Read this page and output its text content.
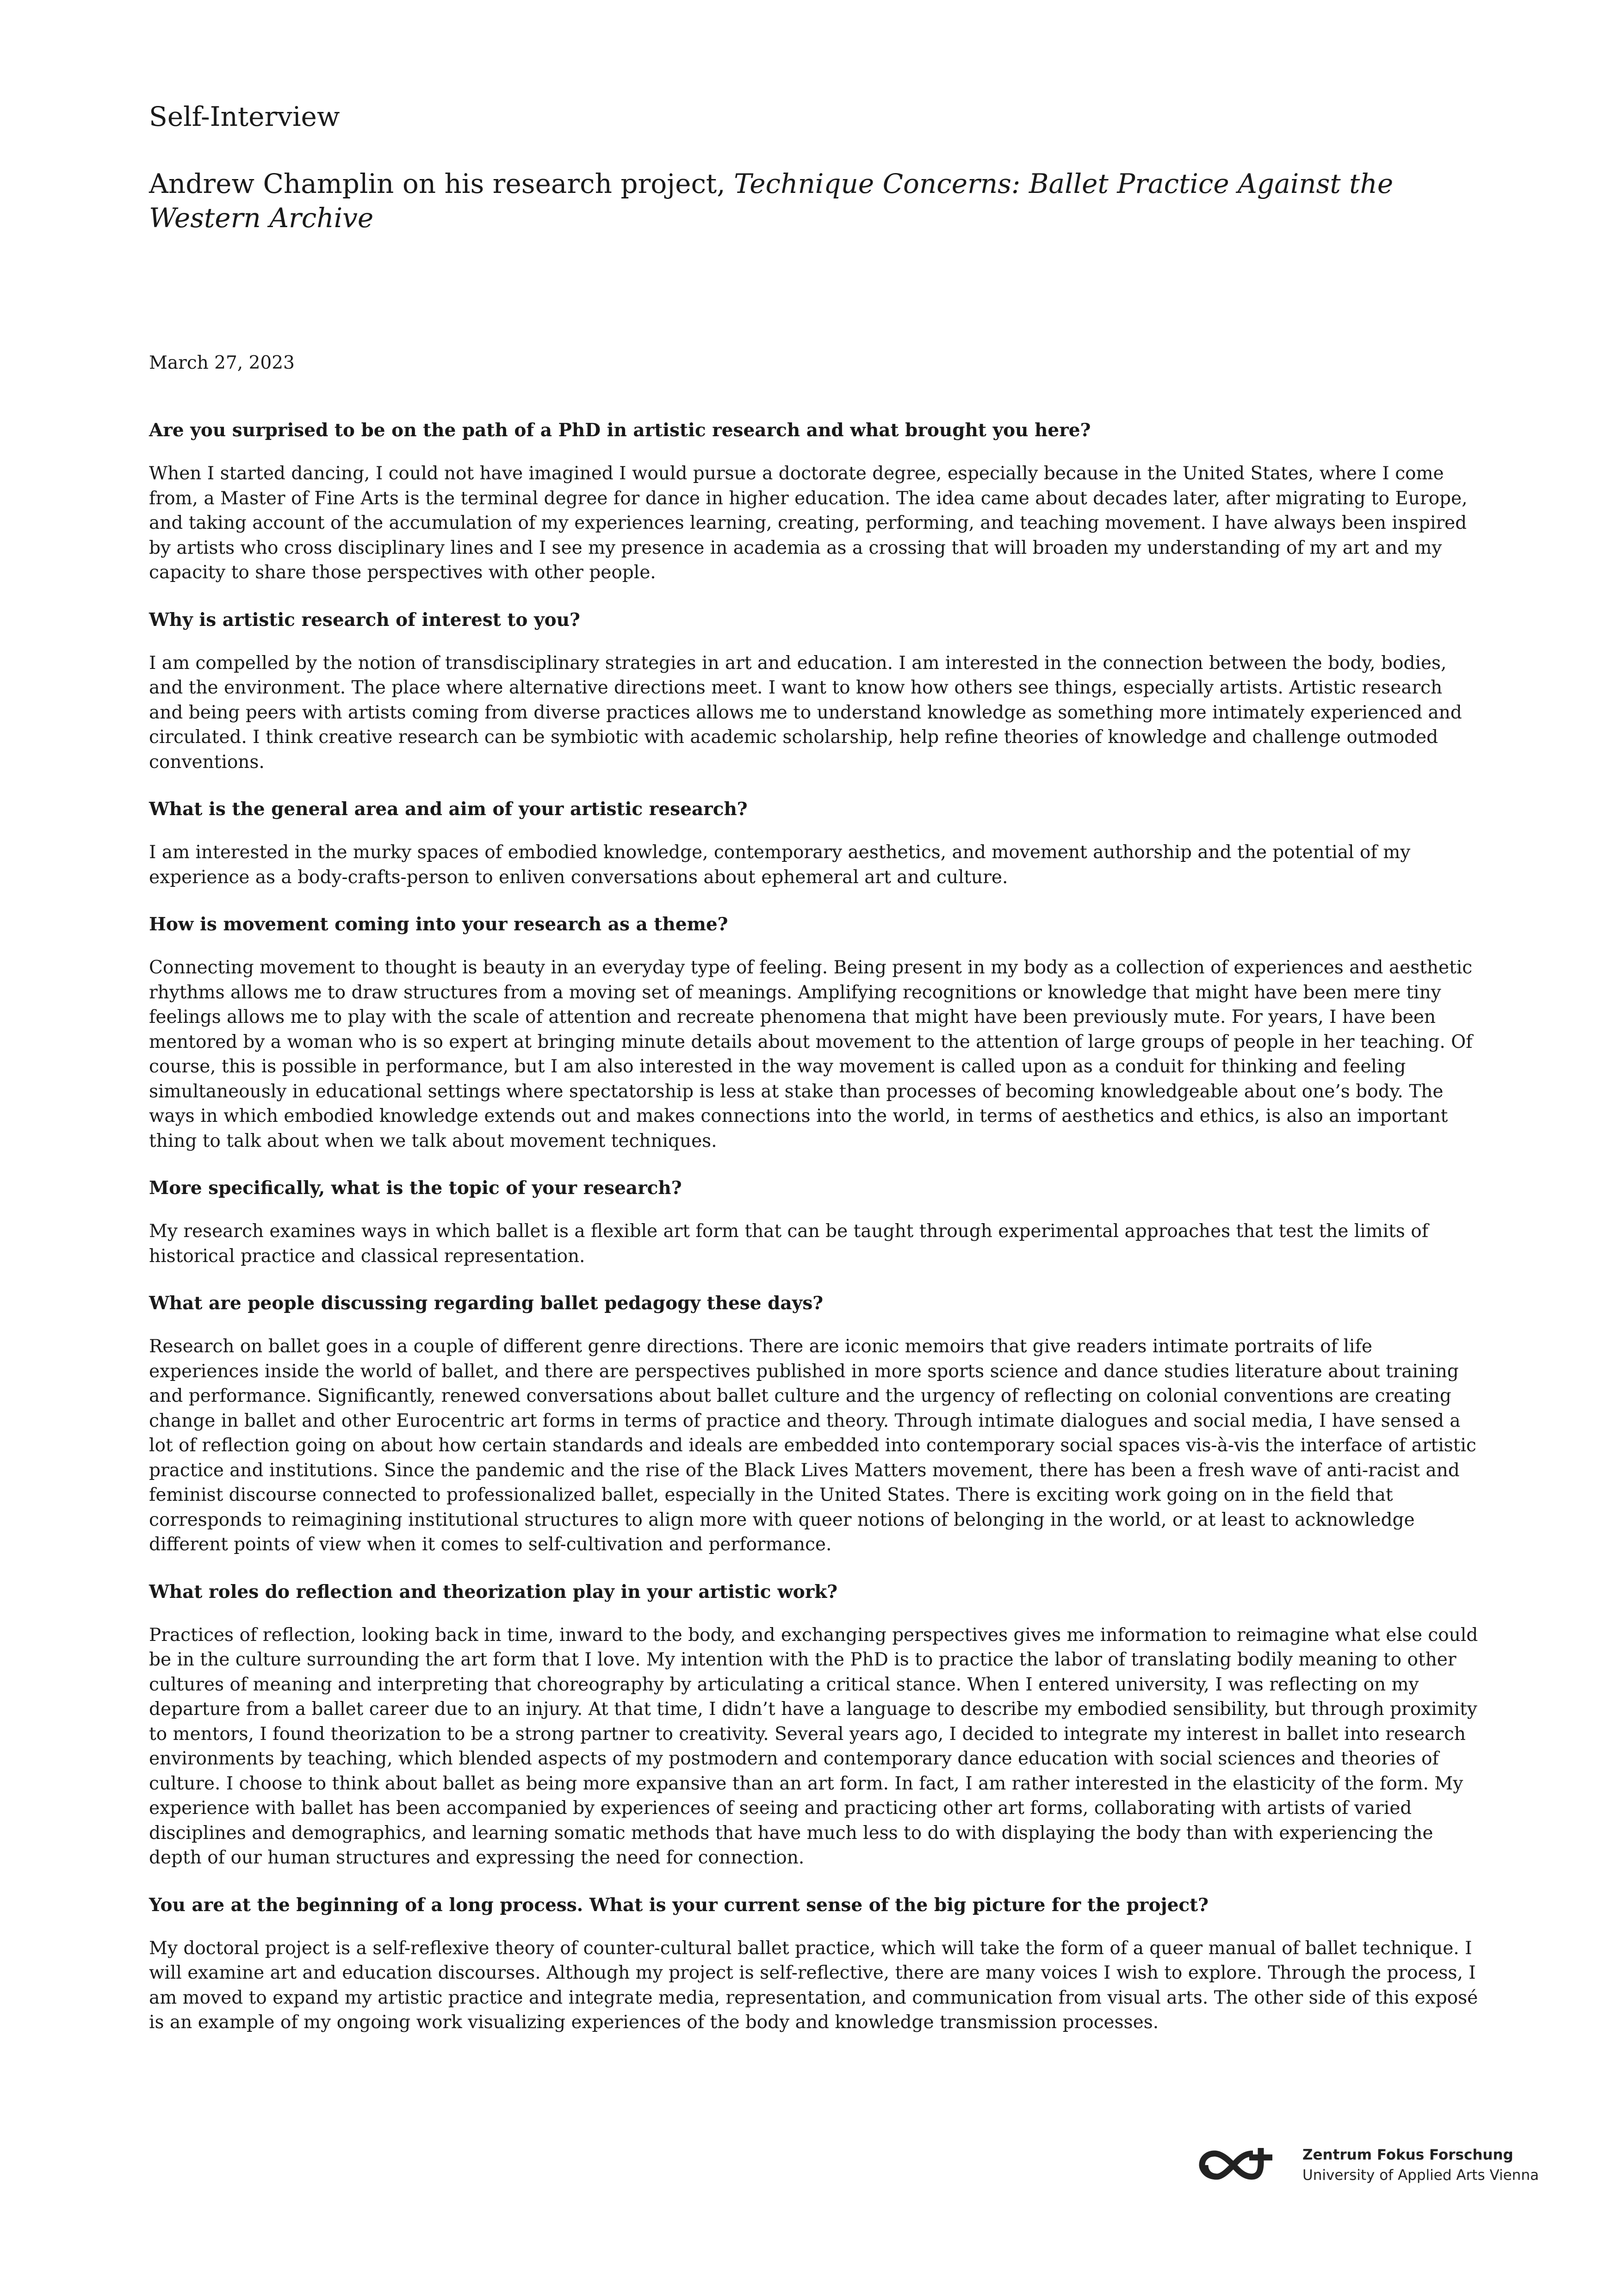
Self-Interview
Andrew Champlin on his research project, Technique Concerns: Ballet Practice Against the Western Archive
March 27, 2023

Are you surprised to be on the path of a PhD in artistic research and what brought you here?

When I started dancing, I could not have imagined I would pursue a doctorate degree, especially because in the United States, where I come from, a Master of Fine Arts is the terminal degree for dance in higher education. The idea came about decades later, after migrating to Europe, and taking account of the accumulation of my experiences learning, creating, performing, and teaching movement. I have always been inspired by artists who cross disciplinary lines and I see my presence in academia as a crossing that will broaden my understanding of my art and my capacity to share those perspectives with other people.

Why is artistic research of interest to you?

I am compelled by the notion of transdisciplinary strategies in art and education. I am interested in the connection between the body, bodies, and the environment. The place where alternative directions meet. I want to know how others see things, especially artists. Artistic research and being peers with artists coming from diverse practices allows me to understand knowledge as something more intimately experienced and circulated. I think creative research can be symbiotic with academic scholarship, help refine theories of knowledge and challenge outmoded conventions.

What is the general area and aim of your artistic research?

I am interested in the murky spaces of embodied knowledge, contemporary aesthetics, and movement authorship and the potential of my experience as a body-crafts-person to enliven conversations about ephemeral art and culture.

How is movement coming into your research as a theme?

Connecting movement to thought is beauty in an everyday type of feeling. Being present in my body as a collection of experiences and aesthetic rhythms allows me to draw structures from a moving set of meanings. Amplifying recognitions or knowledge that might have been mere tiny feelings allows me to play with the scale of attention and recreate phenomena that might have been previously mute. For years, I have been mentored by a woman who is so expert at bringing minute details about movement to the attention of large groups of people in her teaching. Of course, this is possible in performance, but I am also interested in the way movement is called upon as a conduit for thinking and feeling simultaneously in educational settings where spectatorship is less at stake than processes of becoming knowledgeable about one’s body. The ways in which embodied knowledge extends out and makes connections into the world, in terms of aesthetics and ethics, is also an important thing to talk about when we talk about movement techniques.

More specifically, what is the topic of your research?

My research examines ways in which ballet is a flexible art form that can be taught through experimental approaches that test the limits of historical practice and classical representation.

What are people discussing regarding ballet pedagogy these days?

Research on ballet goes in a couple of different genre directions. There are iconic memoirs that give readers intimate portraits of life experiences inside the world of ballet, and there are perspectives published in more sports science and dance studies literature about training and performance. Significantly, renewed conversations about ballet culture and the urgency of reflecting on colonial conventions are creating change in ballet and other Eurocentric art forms in terms of practice and theory. Through intimate dialogues and social media, I have sensed a lot of reflection going on about how certain standards and ideals are embedded into contemporary social spaces vis-à-vis the interface of artistic practice and institutions. Since the pandemic and the rise of the Black Lives Matters movement, there has been a fresh wave of anti-racist and feminist discourse connected to professionalized ballet, especially in the United States. There is exciting work going on in the field that corresponds to reimagining institutional structures to align more with queer notions of belonging in the world, or at least to acknowledge different points of view when it comes to self-cultivation and performance.

What roles do reflection and theorization play in your artistic work?

Practices of reflection, looking back in time, inward to the body, and exchanging perspectives gives me information to reimagine what else could be in the culture surrounding the art form that I love. My intention with the PhD is to practice the labor of translating bodily meaning to other cultures of meaning and interpreting that choreography by articulating a critical stance. When I entered university, I was reflecting on my departure from a ballet career due to an injury. At that time, I didn’t have a language to describe my embodied sensibility, but through proximity to mentors, I found theorization to be a strong partner to creativity. Several years ago, I decided to integrate my interest in ballet into research environments by teaching, which blended aspects of my postmodern and contemporary dance education with social sciences and theories of culture. I choose to think about ballet as being more expansive than an art form. In fact, I am rather interested in the elasticity of the form. My experience with ballet has been accompanied by experiences of seeing and practicing other art forms, collaborating with artists of varied disciplines and demographics, and learning somatic methods that have much less to do with displaying the body than with experiencing the depth of our human structures and expressing the need for connection.

You are at the beginning of a long process. What is your current sense of the big picture for the project?

My doctoral project is a self-reflexive theory of counter-cultural ballet practice, which will take the form of a queer manual of ballet technique. I will examine art and education discourses. Although my project is self-reflective, there are many voices I wish to explore. Through the process, I am moved to expand my artistic practice and integrate media, representation, and communication from visual arts. The other side of this exposé is an example of my ongoing work visualizing experiences of the body and knowledge transmission processes.

Zentrum Fokus Forschung
University of Applied Arts Vienna
